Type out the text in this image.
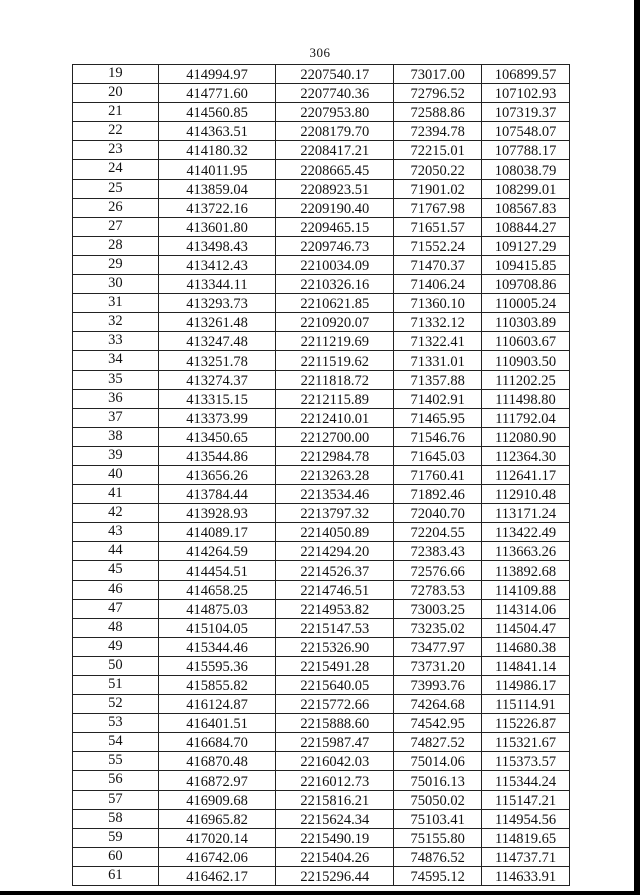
306
19	414994.97	2207540.17	73017.00	106899.57
20	414771.60	2207740.36	72796.52	107102.93
21	414560.85	2207953.80	72588.86	107319.37
22	414363.51	2208179.70	72394.78	107548.07
23	414180.32	2208417.21	72215.01	107788.17
24	414011.95	2208665.45	72050.22	108038.79
25	413859.04	2208923.51	71901.02	108299.01
26	413722.16	2209190.40	71767.98	108567.83
27	413601.80	2209465.15	71651.57	108844.27
28	413498.43	2209746.73	71552.24	109127.29
29	413412.43	2210034.09	71470.37	109415.85
30	413344.11	2210326.16	71406.24	109708.86
31	413293.73	2210621.85	71360.10	110005.24
32	413261.48	2210920.07	71332.12	110303.89
33	413247.48	2211219.69	71322.41	110603.67
34	413251.78	2211519.62	71331.01	110903.50
35	413274.37	2211818.72	71357.88	111202.25
36	413315.15	2212115.89	71402.91	111498.80
37	413373.99	2212410.01	71465.95	111792.04
38	413450.65	2212700.00	71546.76	112080.90
39	413544.86	2212984.78	71645.03	112364.30
40	413656.26	2213263.28	71760.41	112641.17
41	413784.44	2213534.46	71892.46	112910.48
42	413928.93	2213797.32	72040.70	113171.24
43	414089.17	2214050.89	72204.55	113422.49
44	414264.59	2214294.20	72383.43	113663.26
45	414454.51	2214526.37	72576.66	113892.68
46	414658.25	2214746.51	72783.53	114109.88
47	414875.03	2214953.82	73003.25	114314.06
48	415104.05	2215147.53	73235.02	114504.47
49	415344.46	2215326.90	73477.97	114680.38
50	415595.36	2215491.28	73731.20	114841.14
51	415855.82	2215640.05	73993.76	114986.17
52	416124.87	2215772.66	74264.68	115114.91
53	416401.51	2215888.60	74542.95	115226.87
54	416684.70	2215987.47	74827.52	115321.67
55	416870.48	2216042.03	75014.06	115373.57
56	416872.97	2216012.73	75016.13	115344.24
57	416909.68	2215816.21	75050.02	115147.21
58	416965.82	2215624.34	75103.41	114954.56
59	417020.14	2215490.19	75155.80	114819.65
60	416742.06	2215404.26	74876.52	114737.71
61	416462.17	2215296.44	74595.12	114633.91
